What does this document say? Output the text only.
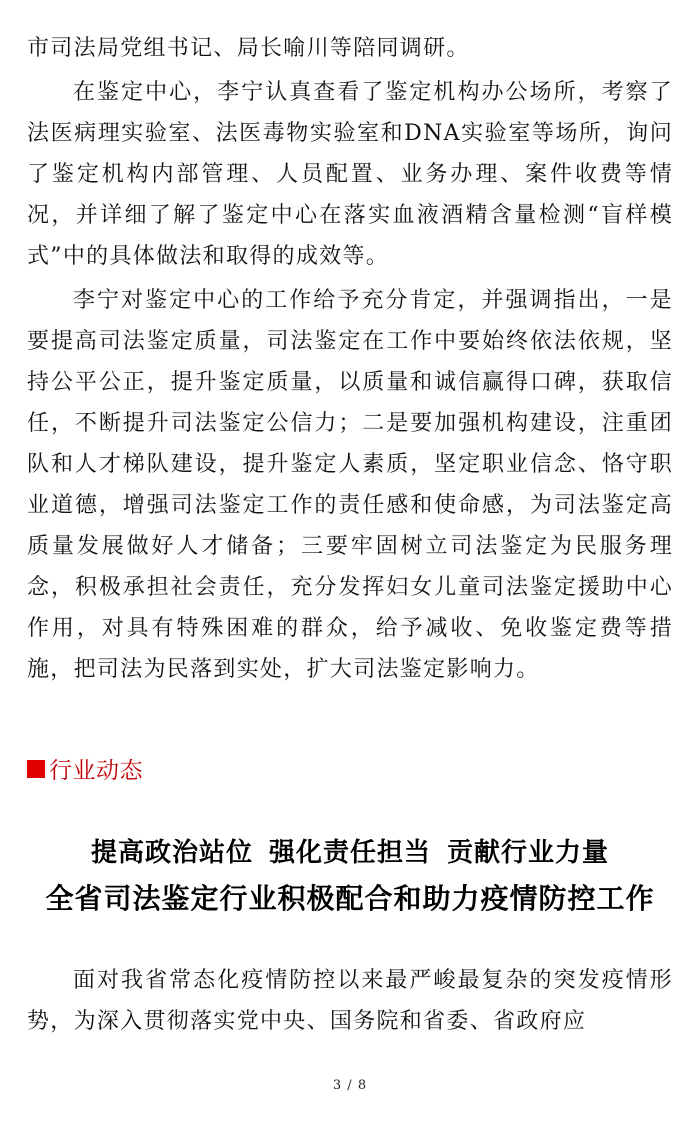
市司法局党组书记、局长喻川等陪同调研。

在鉴定中心，李宁认真查看了鉴定机构办公场所，考察了法医病理实验室、法医毒物实验室和DNA实验室等场所，询问了鉴定机构内部管理、人员配置、业务办理、案件收费等情况，并详细了解了鉴定中心在落实血液酒精含量检测“盲样模式”中的具体做法和取得的成效等。

李宁对鉴定中心的工作给予充分肯定，并强调指出，一是要提高司法鉴定质量，司法鉴定在工作中要始终依法依规，坚持公平公正，提升鉴定质量，以质量和诚信赢得口碑，获取信任，不断提升司法鉴定公信力；二是要加强机构建设，注重团队和人才梯队建设，提升鉴定人素质，坚定职业信念、恪守职业道德，增强司法鉴定工作的责任感和使命感，为司法鉴定高质量发展做好人才储备；三要牢固树立司法鉴定为民服务理念，积极承担社会责任，充分发挥妇女儿童司法鉴定援助中心作用，对具有特殊困难的群众，给予减收、免收鉴定费等措施，把司法为民落到实处，扩大司法鉴定影响力。

行业动态
提高政治站位 强化责任担当 贡献行业力量
全省司法鉴定行业积极配合和助力疫情防控工作

面对我省常态化疫情防控以来最严峻最复杂的突发疫情形势，为深入贯彻落实党中央、国务院和省委、省政府应

3 / 8
